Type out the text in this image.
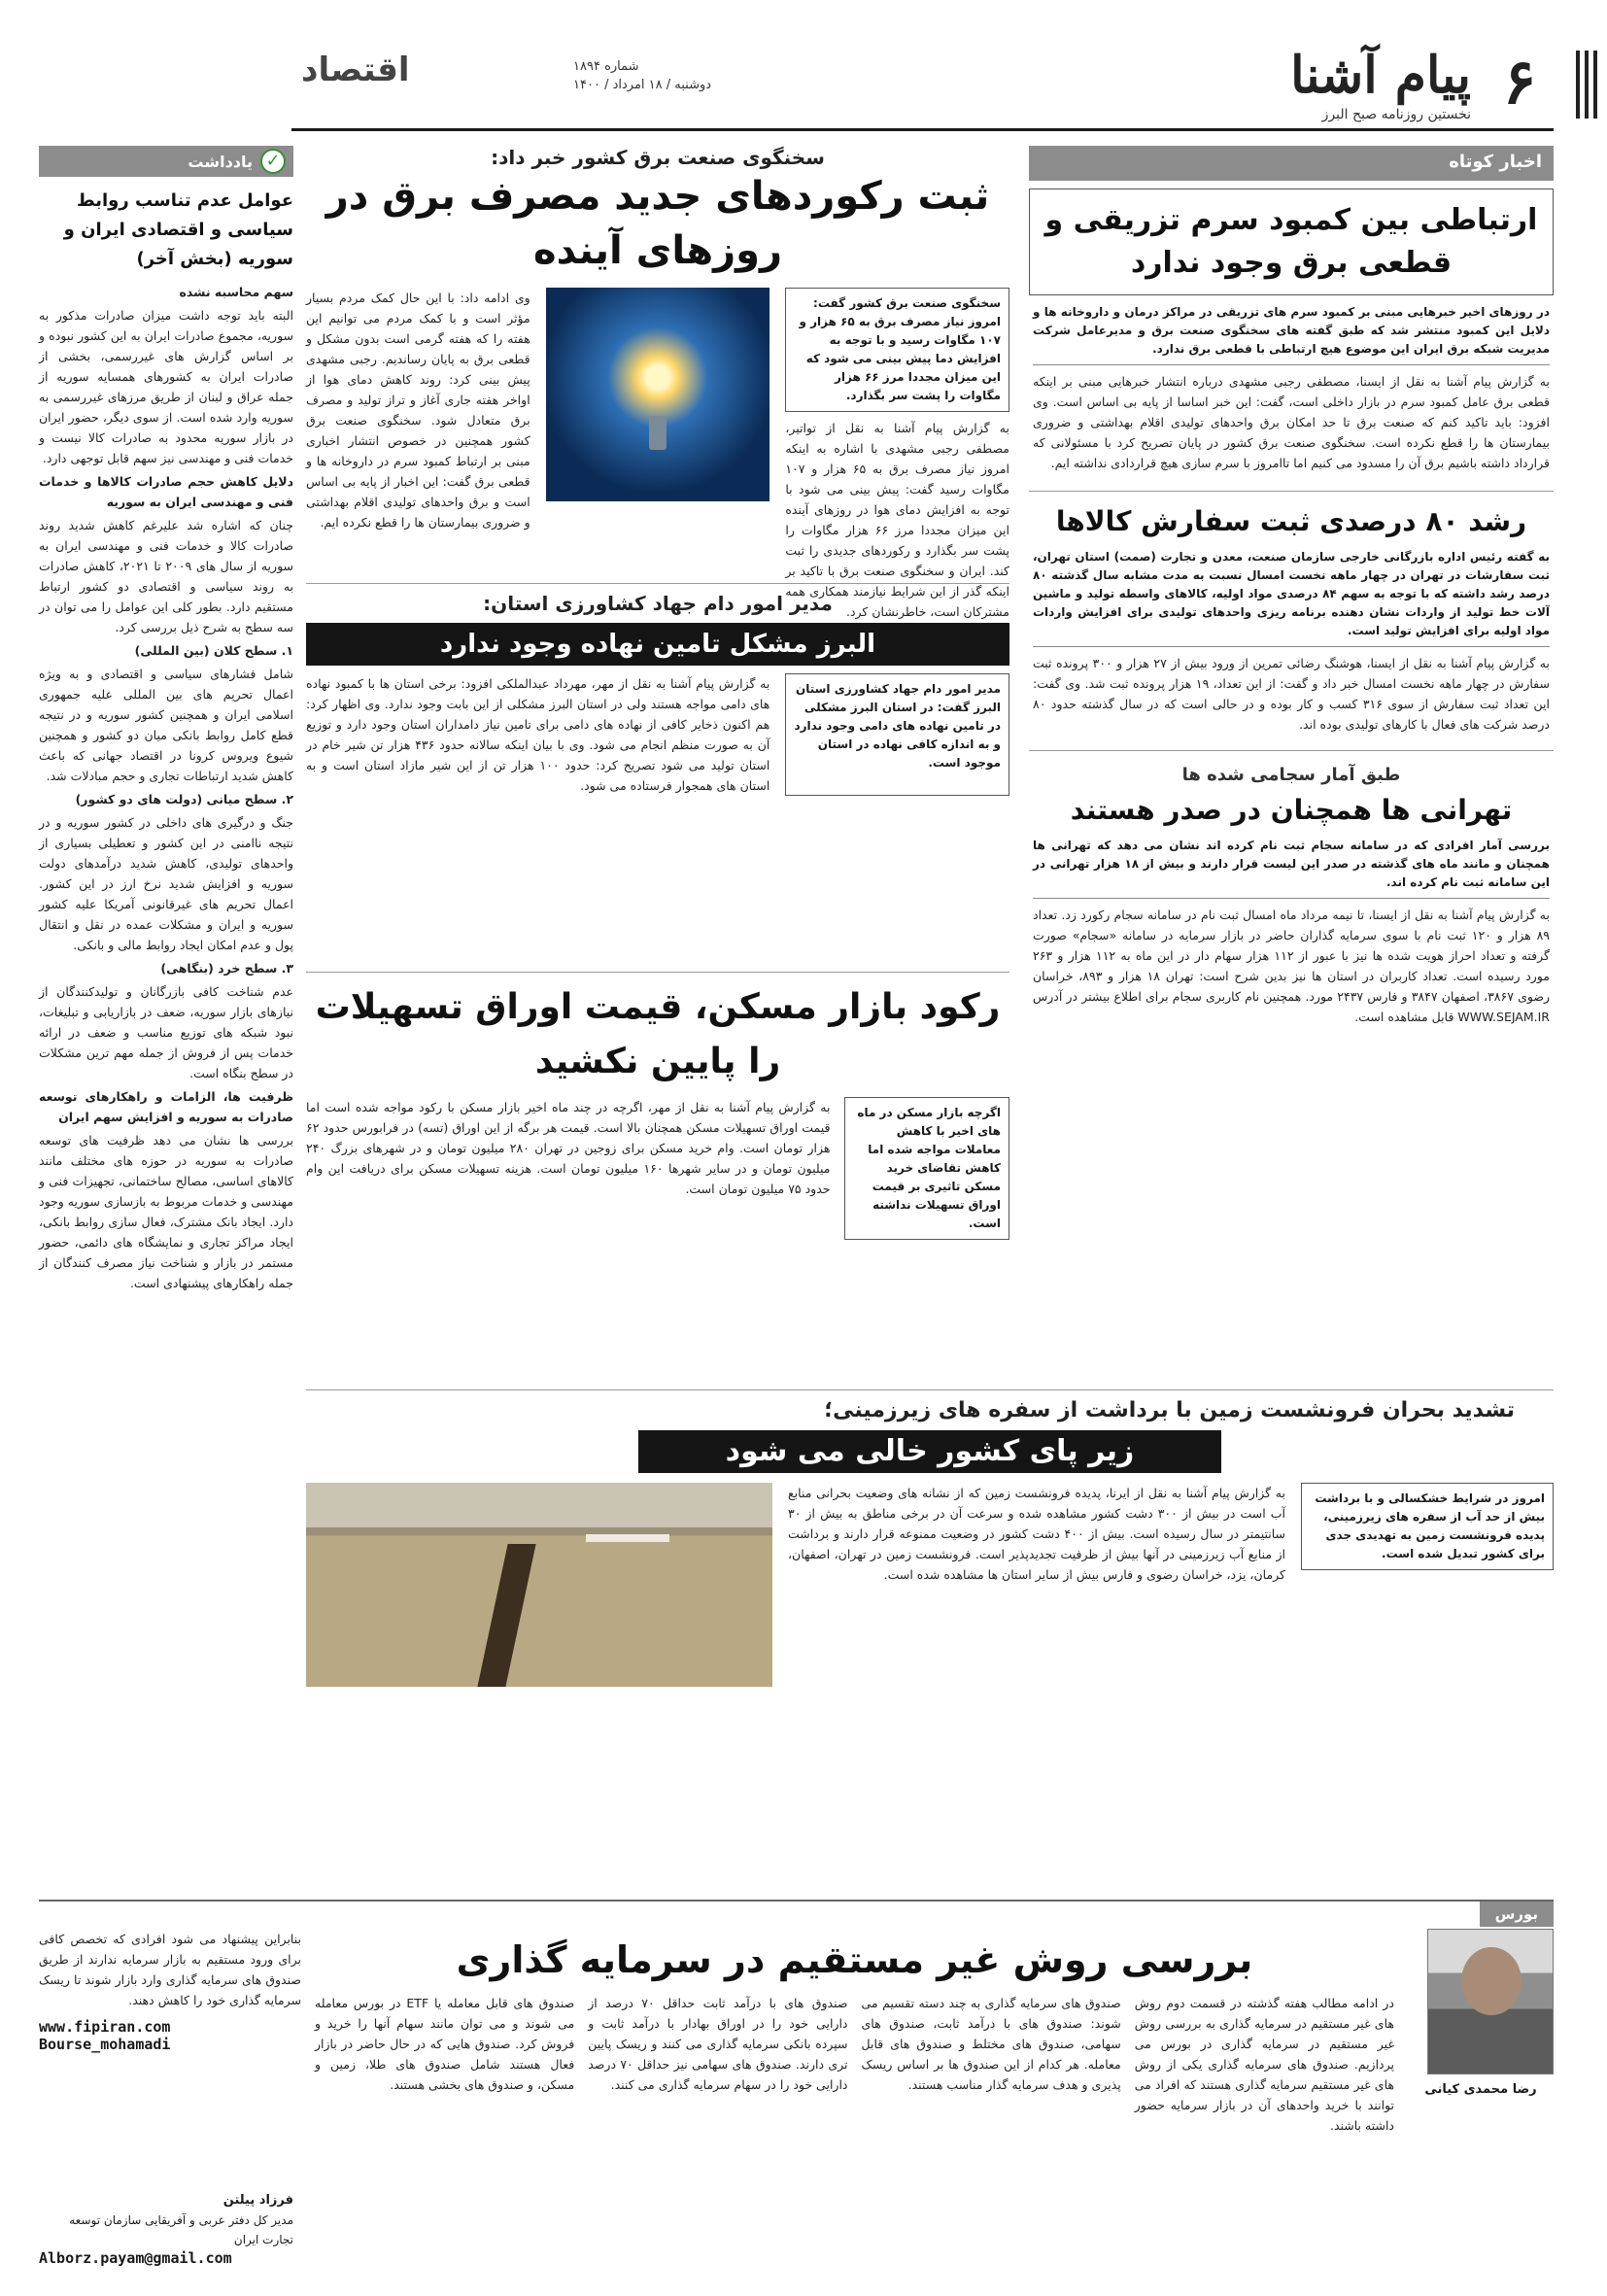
۶
پیام آشنا
نخستین روزنامه صبح البرز
شماره ۱۸۹۴
دوشنبه / ۱۸ امرداد / ۱۴۰۰
اقتصاد
اخبار کوتاه
ارتباطی بین کمبود سرم تزریقی و قطعی برق وجود ندارد
در روزهای اخیر خبرهایی مبنی بر کمبود سرم های تزریقی در مراکز درمان و داروخانه ها و دلایل این کمبود منتشر شد که طبق گفته های سخنگوی صنعت برق و مدیرعامل شرکت مدیریت شبکه برق ایران این موضوع هیچ ارتباطی با قطعی برق ندارد.
به گزارش پیام آشنا به نقل از ایسنا، مصطفی رجبی مشهدی درباره انتشار خبرهایی مبنی بر اینکه قطعی برق عامل کمبود سرم در بازار داخلی است، گفت: این خبر اساسا از پایه بی اساس است. وی افزود: باید تاکید کنم که صنعت برق تا حد امکان برق واحدهای تولیدی اقلام بهداشتی و ضروری بیمارستان ها را قطع نکرده است. سخنگوی صنعت برق کشور در پایان تصریح کرد با مسئولانی که قرارداد داشته باشیم برق آن را مسدود می کنیم اما تاامروز با سرم سازی هیچ قراردادی نداشته ایم.
رشد ۸۰ درصدی ثبت سفارش کالاها
به گفته رئیس اداره بازرگانی خارجی سازمان صنعت، معدن و تجارت (صمت) استان تهران، ثبت سفارشات در تهران در چهار ماهه نخست امسال نسبت به مدت مشابه سال گذشته ۸۰ درصد رشد داشته که با توجه به سهم ۸۴ درصدی مواد اولیه، کالاهای واسطه تولید و ماشین آلات خط تولید از واردات نشان دهنده برنامه ریزی واحدهای تولیدی برای افزایش واردات مواد اولیه برای افزایش تولید است.
به گزارش پیام آشنا به نقل از ایسنا، هوشنگ رضائی تمرین از ورود بیش از ۲۷ هزار و ۳۰۰ پرونده ثبت سفارش در چهار ماهه نخست امسال خبر داد و گفت: از این تعداد، ۱۹ هزار پرونده ثبت شد. وی گفت: این تعداد ثبت سفارش از سوی ۳۱۶ کسب و کار بوده و در حالی است که در سال گذشته حدود ۸۰ درصد شرکت های فعال با کارهای تولیدی بوده اند.
طبق آمار سجامی شده ها
تهرانی ها همچنان در صدر هستند
بررسی آمار افرادی که در سامانه سجام ثبت نام کرده اند نشان می دهد که تهرانی ها همچنان و مانند ماه های گذشته در صدر این لیست قرار دارند و بیش از ۱۸ هزار تهرانی در این سامانه ثبت نام کرده اند.
به گزارش پیام آشنا به نقل از ایسنا، تا نیمه مرداد ماه امسال ثبت نام در سامانه سجام رکورد زد. تعداد ۸۹ هزار و ۱۲۰ ثبت نام با سوی سرمایه گذاران حاضر در بازار سرمایه در سامانه «سجام» صورت گرفته و تعداد احراز هویت شده ها نیز با عبور از ۱۱۲ هزار سهام دار در این ماه به ۱۱۲ هزار و ۲۶۳ مورد رسیده است. تعداد کاربران در استان ها نیز بدین شرح است: تهران ۱۸ هزار و ۸۹۳، خراسان رضوی ۳۸۶۷، اصفهان ۳۸۴۷ و فارس ۲۴۳۷ مورد. همچنین نام کاربری سجام برای اطلاع بیشتر در آدرس WWW.SEJAM.IR قابل مشاهده است.
سخنگوی صنعت برق کشور خبر داد:
ثبت رکوردهای جدید مصرف برق در روزهای آینده
سخنگوی صنعت برق کشور گفت: امروز نیاز مصرف برق به ۶۵ هزار و ۱۰۷ مگاوات رسید و با توجه به افزایش دما پیش بینی می شود که این میزان مجددا مرز ۶۶ هزار مگاوات را پشت سر بگذارد.
به گزارش پیام آشنا به نقل از تواتیر، مصطفی رجبی مشهدی با اشاره به اینکه امروز نیاز مصرف برق به ۶۵ هزار و ۱۰۷ مگاوات رسید گفت: پیش بینی می شود با توجه به افزایش دمای هوا در روزهای آینده این میزان مجددا مرز ۶۶ هزار مگاوات را پشت سر بگذارد و رکوردهای جدیدی را ثبت کند. ایران و سخنگوی صنعت برق با تاکید بر اینکه گذر از این شرایط نیازمند همکاری همه مشترکان است، خاطرنشان کرد.
وی ادامه داد: با این حال کمک مردم بسیار مؤثر است و با کمک مردم می توانیم این هفته را که هفته گرمی است بدون مشکل و قطعی برق به پایان رساندیم. رجبی مشهدی پیش بینی کرد: روند کاهش دمای هوا از اواخر هفته جاری آغاز و تراز تولید و مصرف برق متعادل شود. سخنگوی صنعت برق کشور همچنین در خصوص انتشار اخباری مبنی بر ارتباط کمبود سرم در داروخانه ها و قطعی برق گفت: این اخبار از پایه بی اساس است و برق واحدهای تولیدی اقلام بهداشتی و ضروری بیمارستان ها را قطع نکرده ایم.
مدیر امور دام جهاد کشاورزی استان:
البرز مشکل تامین نهاده وجود ندارد
مدیر امور دام جهاد کشاورزی استان البرز گفت: در استان البرز مشکلی در تامین نهاده های دامی وجود ندارد و به اندازه کافی نهاده در استان موجود است.
به گزارش پیام آشنا به نقل از مهر، مهرداد عبدالملکی افزود: برخی استان ها با کمبود نهاده های دامی مواجه هستند ولی در استان البرز مشکلی از این بابت وجود ندارد. وی اظهار کرد: هم اکنون ذخایر کافی از نهاده های دامی برای تامین نیاز دامداران استان وجود دارد و توزیع آن به صورت منظم انجام می شود. وی با بیان اینکه سالانه حدود ۴۳۶ هزار تن شیر خام در استان تولید می شود تصریح کرد: حدود ۱۰۰ هزار تن از این شیر مازاد استان است و به استان های همجوار فرستاده می شود.
رکود بازار مسکن، قیمت اوراق تسهیلات را پایین نکشید
اگرچه بازار مسکن در ماه های اخیر با کاهش معاملات مواجه شده اما کاهش تقاضای خرید مسکن تاثیری بر قیمت اوراق تسهیلات نداشته است.
به گزارش پیام آشنا به نقل از مهر، اگرچه در چند ماه اخیر بازار مسکن با رکود مواجه شده است اما قیمت اوراق تسهیلات مسکن همچنان بالا است. قیمت هر برگه از این اوراق (تسه) در فرابورس حدود ۶۲ هزار تومان است. وام خرید مسکن برای زوجین در تهران ۲۸۰ میلیون تومان و در شهرهای بزرگ ۲۴۰ میلیون تومان و در سایر شهرها ۱۶۰ میلیون تومان است. هزینه تسهیلات مسکن برای دریافت این وام حدود ۷۵ میلیون تومان است.
تشدید بحران فرونشست زمین با برداشت از سفره های زیرزمینی؛
زیر پای کشور خالی می شود
امروز در شرایط خشکسالی و با برداشت بیش از حد آب از سفره های زیرزمینی، پدیده فرونشست زمین به تهدیدی جدی برای کشور تبدیل شده است.
به گزارش پیام آشنا به نقل از ایرنا، پدیده فرونشست زمین که از نشانه های وضعیت بحرانی منابع آب است در بیش از ۳۰۰ دشت کشور مشاهده شده و سرعت آن در برخی مناطق به بیش از ۳۰ سانتیمتر در سال رسیده است. بیش از ۴۰۰ دشت کشور در وضعیت ممنوعه قرار دارند و برداشت از منابع آب زیرزمینی در آنها بیش از ظرفیت تجدیدپذیر است. فرونشست زمین در تهران، اصفهان، کرمان، یزد، خراسان رضوی و فارس بیش از سایر استان ها مشاهده شده است.
✓
یادداشت
عوامل عدم تناسب روابط سیاسی و اقتصادی ایران و سوریه (بخش آخر)

سهم محاسبه نشده

البته باید توجه داشت میزان صادرات مذکور به سوریه، مجموع صادرات ایران به این کشور نبوده و بر اساس گزارش های غیررسمی، بخشی از صادرات ایران به کشورهای همسایه سوریه از جمله عراق و لبنان از طریق مرزهای غیررسمی به سوریه وارد شده است. از سوی دیگر، حضور ایران در بازار سوریه محدود به صادرات کالا نیست و خدمات فنی و مهندسی نیز سهم قابل توجهی دارد.

دلایل کاهش حجم صادرات کالاها و خدمات فنی و مهندسی ایران به سوریه

چنان که اشاره شد علیرغم کاهش شدید روند صادرات کالا و خدمات فنی و مهندسی ایران به سوریه از سال های ۲۰۰۹ تا ۲۰۲۱، کاهش صادرات به روند سیاسی و اقتصادی دو کشور ارتباط مستقیم دارد. بطور کلی این عوامل را می توان در سه سطح به شرح ذیل بررسی کرد.

۱. سطح کلان (بین المللی)

شامل فشارهای سیاسی و اقتصادی و به ویژه اعمال تحریم های بین المللی علیه جمهوری اسلامی ایران و همچنین کشور سوریه و در نتیجه قطع کامل روابط بانکی میان دو کشور و همچنین شیوع ویروس کرونا در اقتصاد جهانی که باعث کاهش شدید ارتباطات تجاری و حجم مبادلات شد.

۲. سطح میانی (دولت های دو کشور)

جنگ و درگیری های داخلی در کشور سوریه و در نتیجه ناامنی در این کشور و تعطیلی بسیاری از واحدهای تولیدی، کاهش شدید درآمدهای دولت سوریه و افزایش شدید نرخ ارز در این کشور. اعمال تحریم های غیرقانونی آمریکا علیه کشور سوریه و ایران و مشکلات عمده در نقل و انتقال پول و عدم امکان ایجاد روابط مالی و بانکی.

۳. سطح خرد (بنگاهی)

عدم شناخت کافی بازرگانان و تولیدکنندگان از نیازهای بازار سوریه، ضعف در بازاریابی و تبلیغات، نبود شبکه های توزیع مناسب و ضعف در ارائه خدمات پس از فروش از جمله مهم ترین مشکلات در سطح بنگاه است.

ظرفیت ها، الزامات و راهکارهای توسعه صادرات به سوریه و افزایش سهم ایران

بررسی ها نشان می دهد ظرفیت های توسعه صادرات به سوریه در حوزه های مختلف مانند کالاهای اساسی، مصالح ساختمانی، تجهیزات فنی و مهندسی و خدمات مربوط به بازسازی سوریه وجود دارد. ایجاد بانک مشترک، فعال سازی روابط بانکی، ایجاد مراکز تجاری و نمایشگاه های دائمی، حضور مستمر در بازار و شناخت نیاز مصرف کنندگان از جمله راهکارهای پیشنهادی است.

بورس
رضا محمدی کیانی
بررسی روش غیر مستقیم در سرمایه گذاری
در ادامه مطالب هفته گذشته در قسمت دوم روش های غیر مستقیم در سرمایه گذاری به بررسی روش غیر مستقیم در سرمایه گذاری در بورس می پردازیم. صندوق های سرمایه گذاری یکی از روش های غیر مستقیم سرمایه گذاری هستند که افراد می توانند با خرید واحدهای آن در بازار سرمایه حضور داشته باشند.
صندوق های سرمایه گذاری به چند دسته تقسیم می شوند: صندوق های با درآمد ثابت، صندوق های سهامی، صندوق های مختلط و صندوق های قابل معامله. هر کدام از این صندوق ها بر اساس ریسک پذیری و هدف سرمایه گذار مناسب هستند.
صندوق های با درآمد ثابت حداقل ۷۰ درصد از دارایی خود را در اوراق بهادار با درآمد ثابت و سپرده بانکی سرمایه گذاری می کنند و ریسک پایین تری دارند. صندوق های سهامی نیز حداقل ۷۰ درصد دارایی خود را در سهام سرمایه گذاری می کنند.
صندوق های قابل معامله یا ETF در بورس معامله می شوند و می توان مانند سهام آنها را خرید و فروش کرد. صندوق هایی که در حال حاضر در بازار فعال هستند شامل صندوق های طلا، زمین و مسکن، و صندوق های بخشی هستند.
بنابراین پیشنهاد می شود افرادی که تخصص کافی برای ورود مستقیم به بازار سرمایه ندارند از طریق صندوق های سرمایه گذاری وارد بازار شوند تا ریسک سرمایه گذاری خود را کاهش دهند.
www.fipiran.com
Bourse_mohamadi
فرزاد پیلتن
مدیر کل دفتر عربی و آفریقایی سازمان توسعه تجارت ایران
Alborz.payam@gmail.com
